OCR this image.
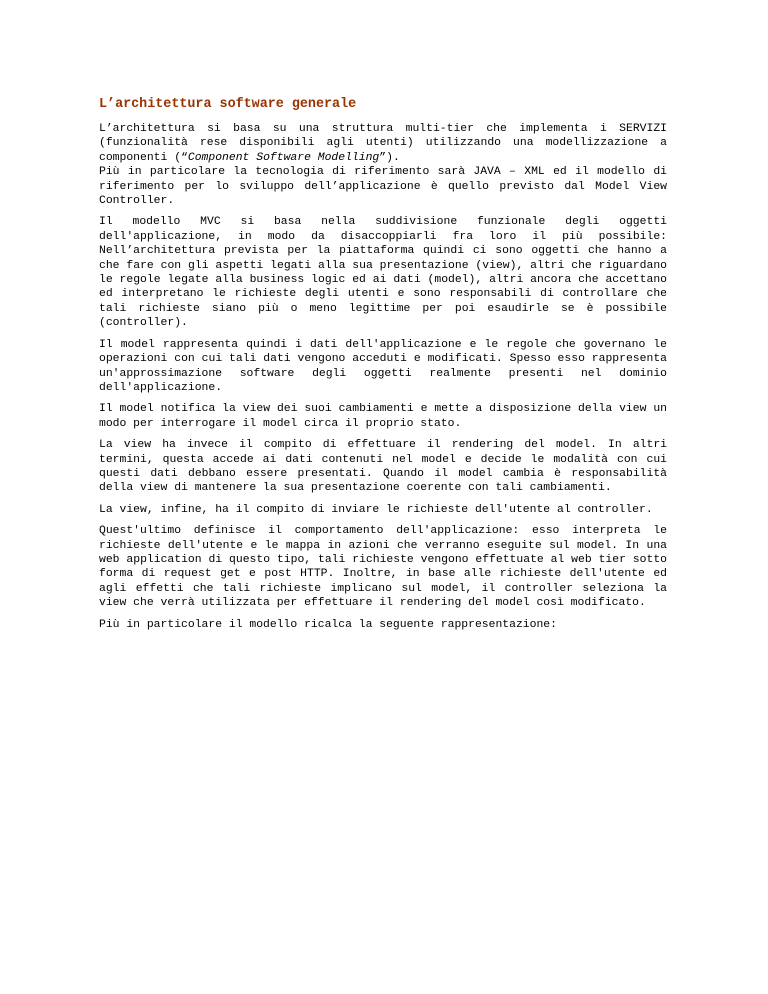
L’architettura software generale

L’architettura si basa su una struttura multi-tier che implementa i SERVIZI (funzionalità rese disponibili agli utenti) utilizzando una modellizzazione a componenti (“Component Software Modelling”).
Più in particolare la tecnologia di riferimento sarà JAVA – XML ed il modello di riferimento per lo sviluppo dell’applicazione è quello previsto dal Model View Controller.

Il modello MVC si basa nella suddivisione funzionale degli oggetti dell'applicazione, in modo da disaccoppiarli fra loro il più possibile: Nell’architettura prevista per la piattaforma quindi ci sono oggetti che hanno a che fare con gli aspetti legati alla sua presentazione (view), altri che riguardano le regole legate alla business logic ed ai dati (model), altri ancora che accettano ed interpretano le richieste degli utenti e sono responsabili di controllare che tali richieste siano più o meno legittime per poi esaudirle se è possibile (controller).

Il model rappresenta quindi i dati dell'applicazione e le regole che governano le operazioni con cui tali dati vengono acceduti e modificati. Spesso esso rappresenta un'approssimazione software degli oggetti realmente presenti nel dominio dell'applicazione.

Il model notifica la view dei suoi cambiamenti e mette a disposizione della view un modo per interrogare il model circa il proprio stato.

La view ha invece il compito di effettuare il rendering del model. In altri termini, questa accede ai dati contenuti nel model e decide le modalità con cui questi dati debbano essere presentati. Quando il model cambia è responsabilità della view di mantenere la sua presentazione coerente con tali cambiamenti.

La view, infine, ha il compito di inviare le richieste dell'utente al controller.

Quest'ultimo definisce il comportamento dell'applicazione: esso interpreta le richieste dell'utente e le mappa in azioni che verranno eseguite sul model. In una web application di questo tipo, tali richieste vengono effettuate al web tier sotto forma di request get e post HTTP. Inoltre, in base alle richieste dell'utente ed agli effetti che tali richieste implicano sul model, il controller seleziona la view che verrà utilizzata per effettuare il rendering del model così modificato.

Più in particolare il modello ricalca la seguente rappresentazione:
